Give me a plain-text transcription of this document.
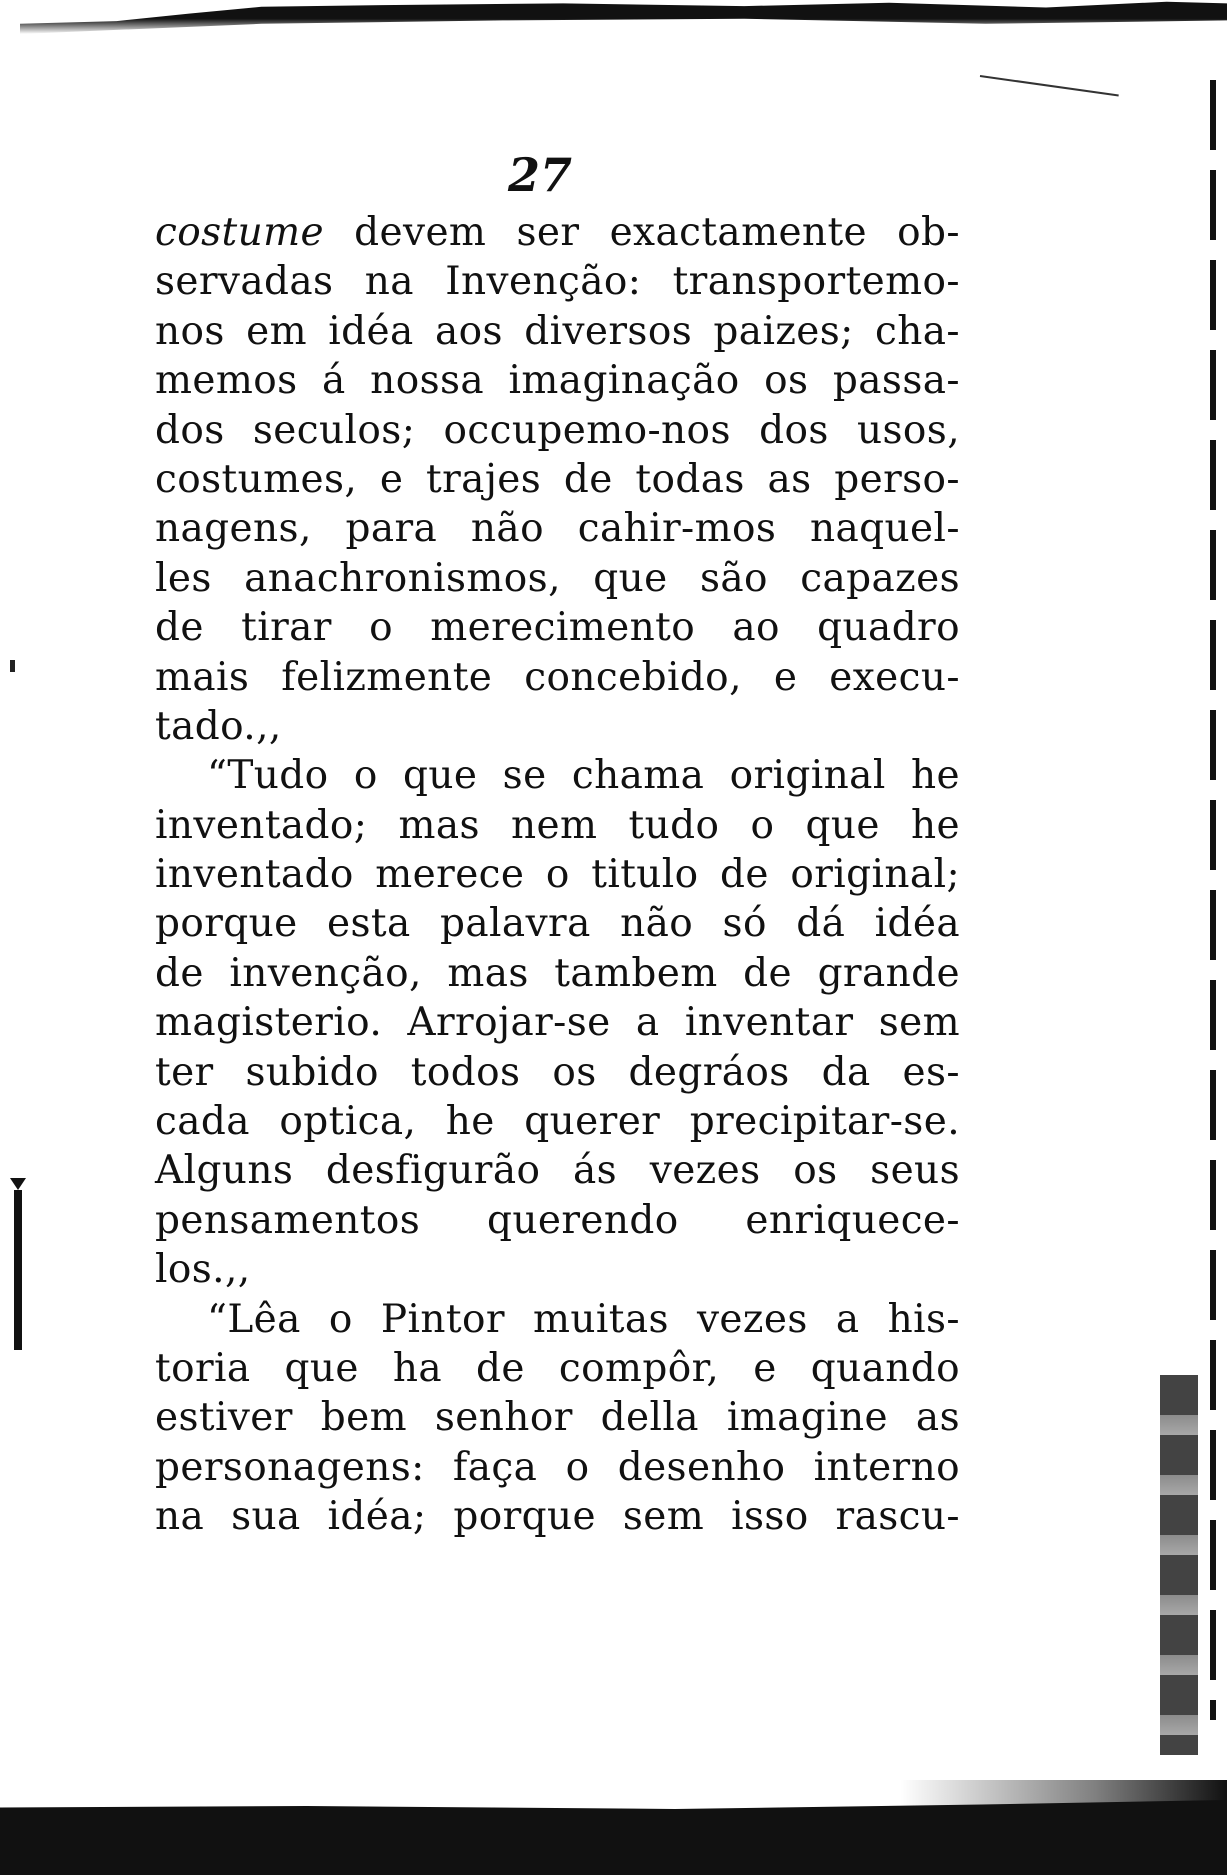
27
costume devem ser exactamente ob-
servadas na Invenção: transportemo-
nos em idéa aos diversos paizes; cha-
memos á nossa imaginação os passa-
dos seculos; occupemo-nos dos usos,
costumes, e trajes de todas as perso-
nagens, para não cahir-mos naquel-
les anachronismos, que são capazes
de tirar o merecimento ao quadro
mais felizmente concebido, e execu-
tado.,,
“Tudo o que se chama original he
inventado; mas nem tudo o que he
inventado merece o titulo de original;
porque esta palavra não só dá idéa
de invenção, mas tambem de grande
magisterio. Arrojar-se a inventar sem
ter subido todos os degráos da es-
cada optica, he querer precipitar-se.
Alguns desfigurão ás vezes os seus
pensamentos querendo enriquece-
los.,,
“Lêa o Pintor muitas vezes a his-
toria que ha de compôr, e quando
estiver bem senhor della imagine as
personagens: faça o desenho interno
na sua idéa; porque sem isso rascu-
